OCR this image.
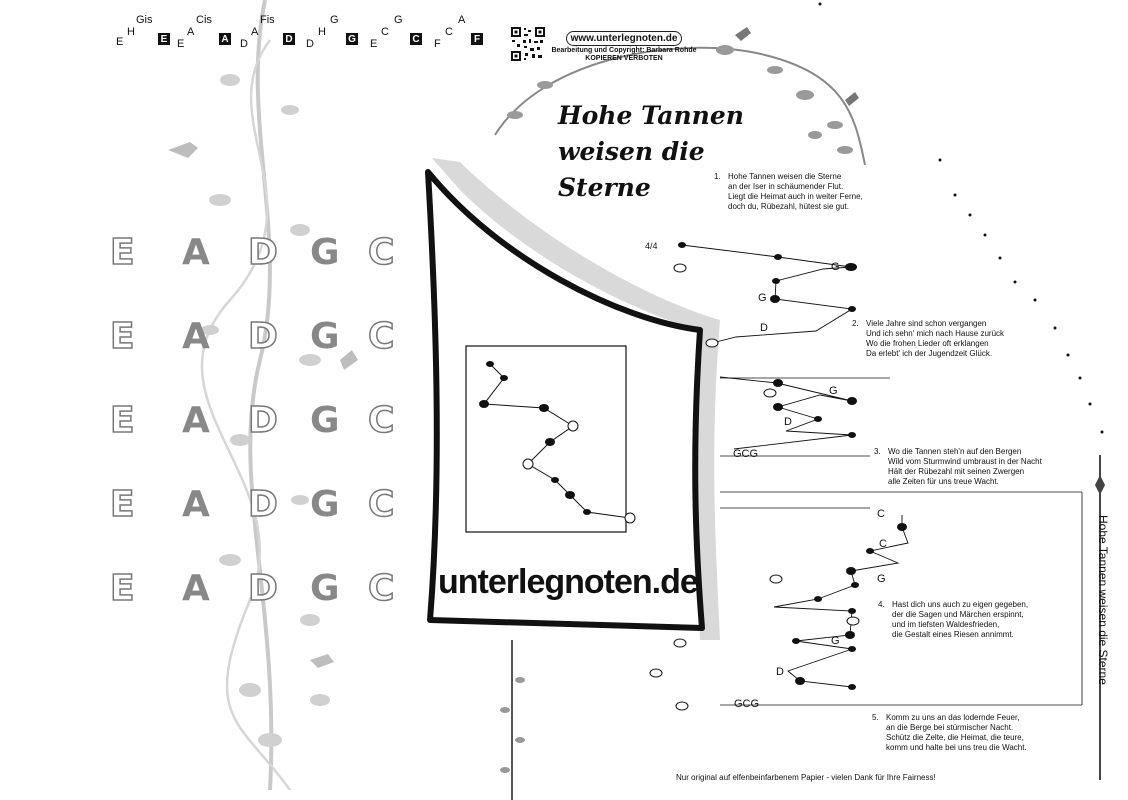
E
H
Gis
E E
A
Cis
A D
A
Fis
D D
H
G
G E
C
G
C F
C
A
F	www.unterlegnoten.de
Bearbeitung und Copyright: Barbara Rohde
KOPIEREN VERBOTEN
E A D G C
E A D G C
E A D G C
E A D G C
E A D G C
Hohe Tannen
weisen die
Sterne
4/4
1. Hohe Tannen weisen die Sterne
an der Iser in schäumender Flut.
Liegt die Heimat auch in weiter Ferne,
doch du, Rübezahl, hütest sie gut.
2. Viele Jahre sind schon vergangen
Und ich sehn' mich nach Hause zurück
Wo die frohen Lieder oft erklangen
Da erlebt' ich der Jugendzeit Glück.
3. Wo die Tannen steh'n auf den Bergen
Wild vom Sturmwind umbraust in der Nacht
Hält der Rübezahl mit seinen Zwergen
alle Zeiten für uns treue Wacht.
4. Hast dich uns auch zu eigen gegeben,
der die Sagen und Märchen erspinnt,
und im tiefsten Waldesfrieden,
die Gestalt eines Riesen annimmt.
5. Komm zu uns an das lodernde Feuer,
an die Berge bei stürmischer Nacht.
Schütz die Zelte, die Heimat, die teure,
komm und halte bei uns treu die Wacht.
G
G
D
G
D
GCG
C
C
G
G
D
GCG
unterlegnoten.de	Hohe Tannen weisen die Sterne
Nur original auf elfenbeinfarbenem Papier - vielen Dank für Ihre Fairness!
